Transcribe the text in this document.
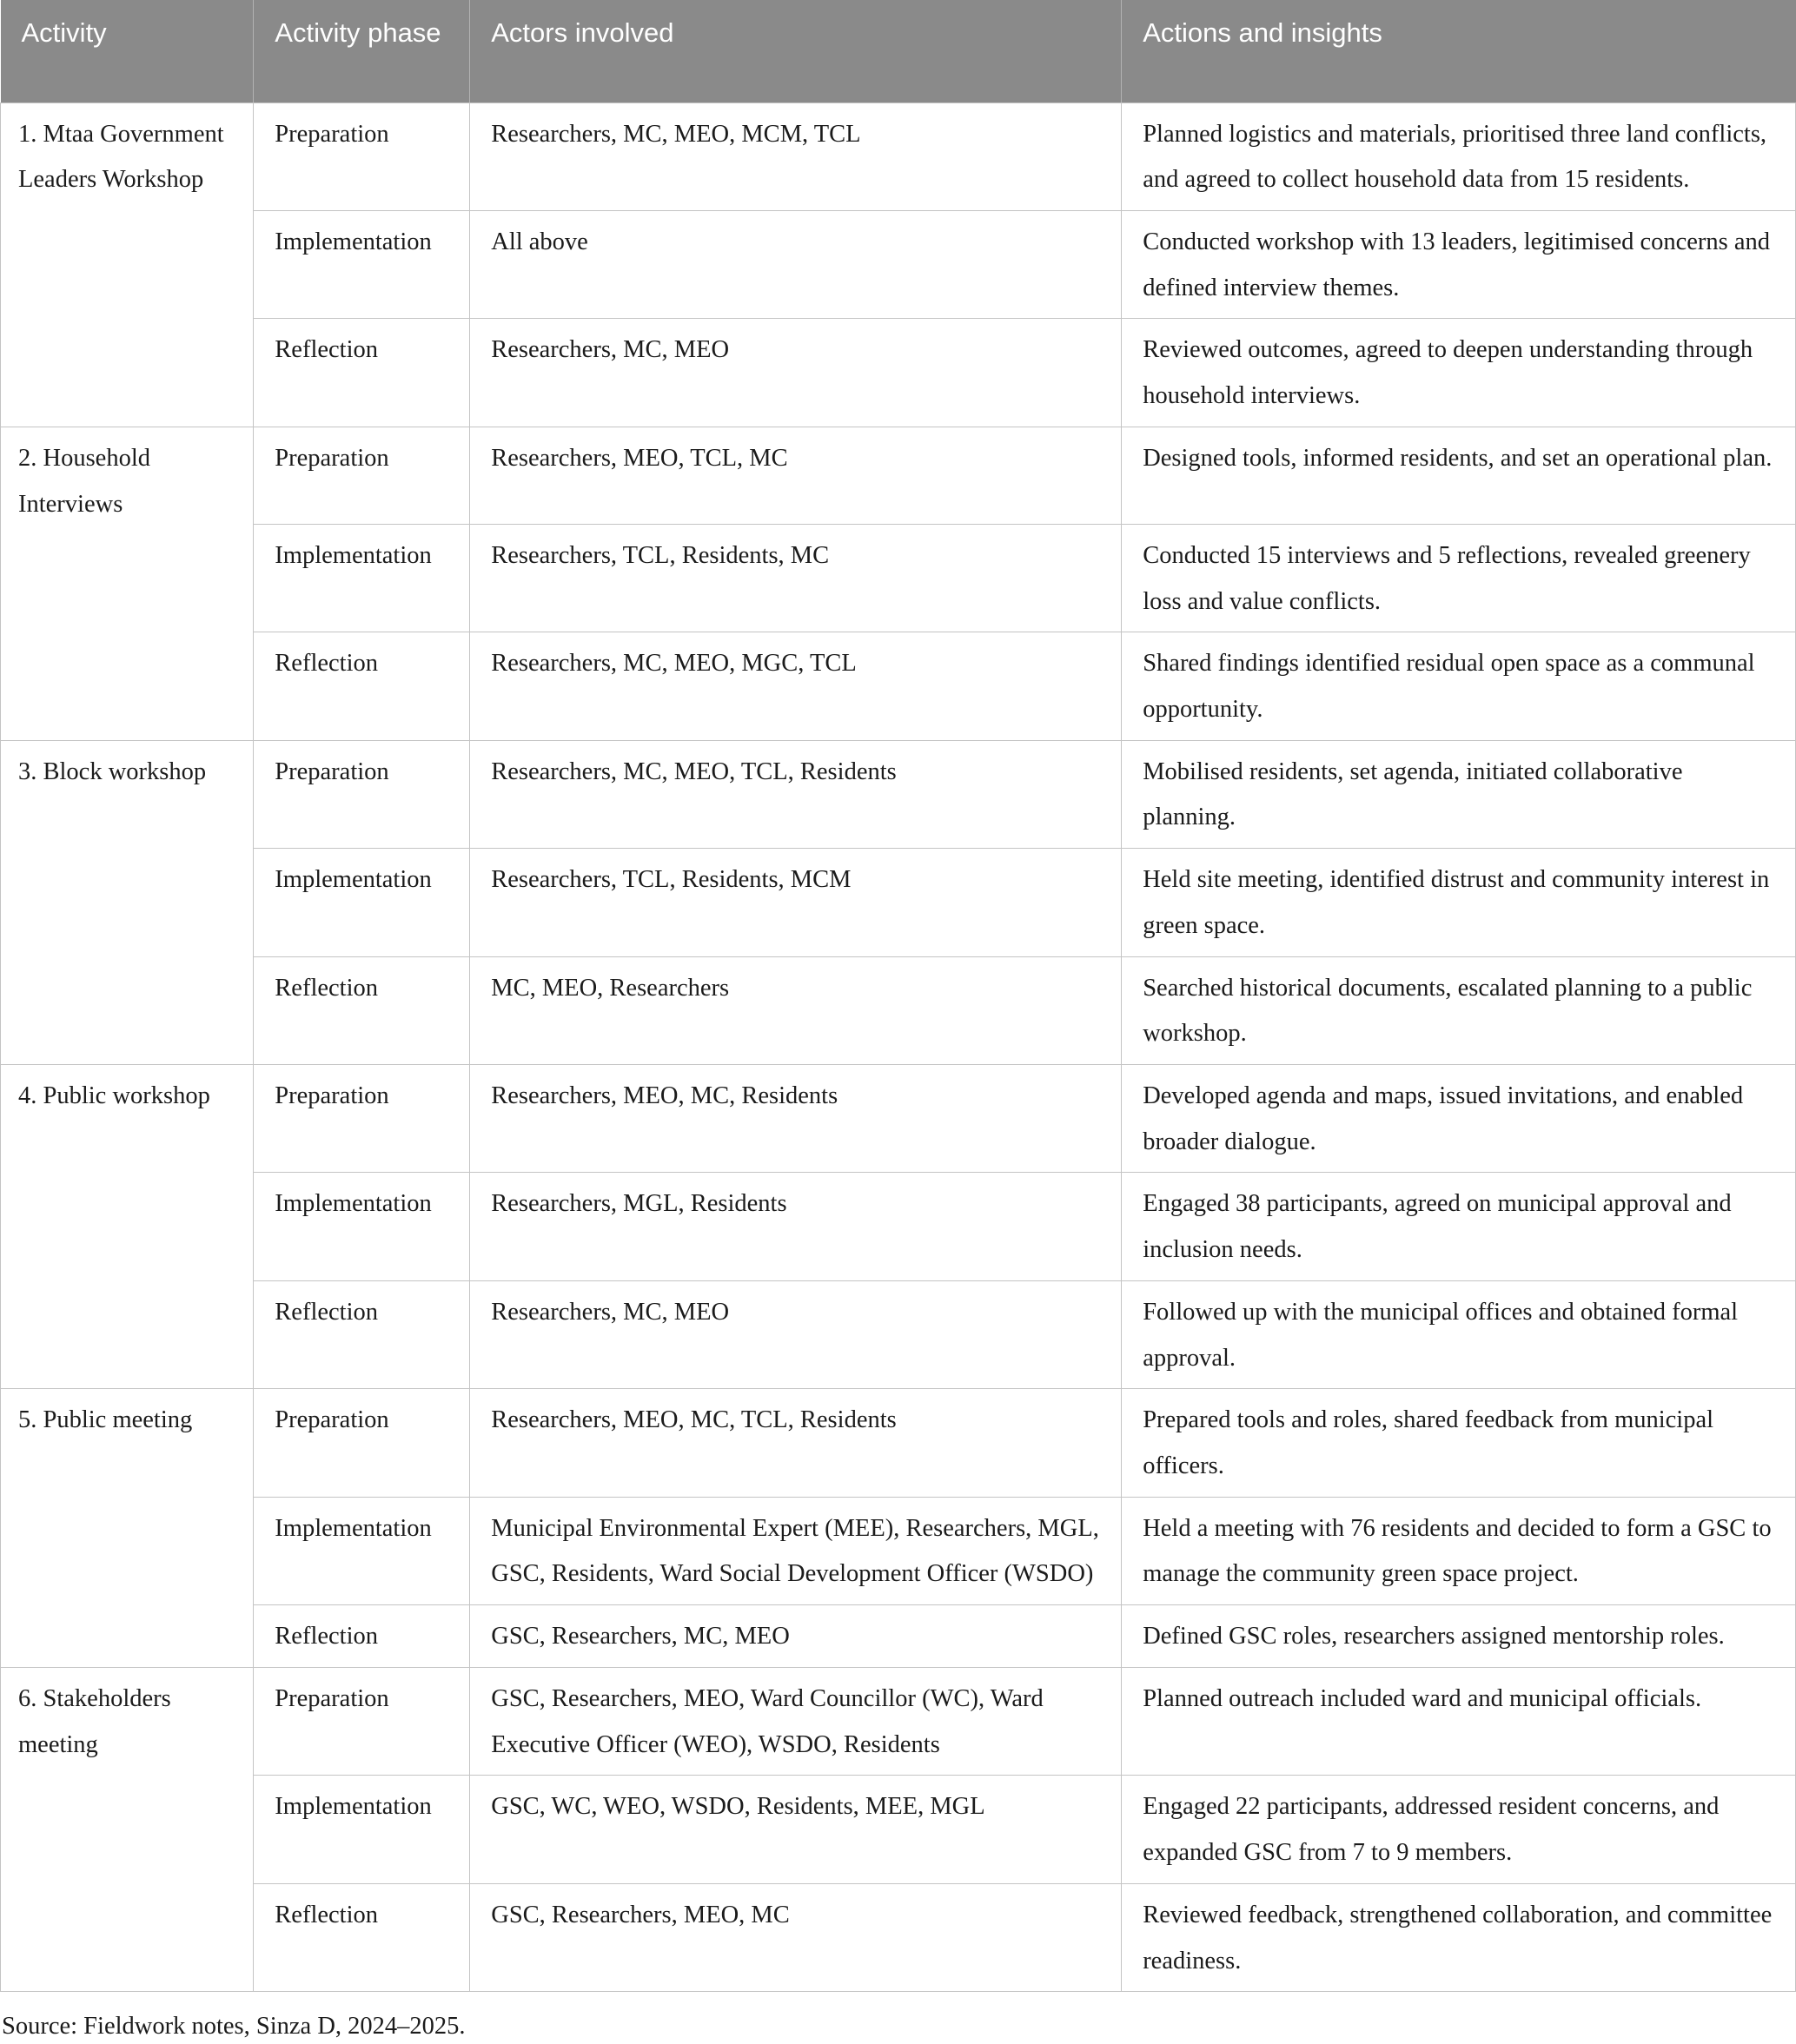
Activity	Activity phase	Actors involved	Actions and insights
1. Mtaa Government Leaders Workshop	Preparation	Researchers, MC, MEO, MCM, TCL	Planned logistics and materials, prioritised three land conflicts, and agreed to collect household data from 15 residents.
	Implementation	All above	Conducted workshop with 13 leaders, legitimised concerns and defined interview themes.
	Reflection	Researchers, MC, MEO	Reviewed outcomes, agreed to deepen understanding through household interviews.
2. Household Interviews	Preparation	Researchers, MEO, TCL, MC	Designed tools, informed residents, and set an operational plan.
	Implementation	Researchers, TCL, Residents, MC	Conducted 15 interviews and 5 reflections, revealed greenery loss and value conflicts.
	Reflection	Researchers, MC, MEO, MGC, TCL	Shared findings identified residual open space as a communal opportunity.
3. Block workshop	Preparation	Researchers, MC, MEO, TCL, Residents	Mobilised residents, set agenda, initiated collaborative planning.
	Implementation	Researchers, TCL, Residents, MCM	Held site meeting, identified distrust and community interest in green space.
	Reflection	MC, MEO, Researchers	Searched historical documents, escalated planning to a public workshop.
4. Public workshop	Preparation	Researchers, MEO, MC, Residents	Developed agenda and maps, issued invitations, and enabled broader dialogue.
	Implementation	Researchers, MGL, Residents	Engaged 38 participants, agreed on municipal approval and inclusion needs.
	Reflection	Researchers, MC, MEO	Followed up with the municipal offices and obtained formal approval.
5. Public meeting	Preparation	Researchers, MEO, MC, TCL, Residents	Prepared tools and roles, shared feedback from municipal officers.
	Implementation	Municipal Environmental Expert (MEE), Researchers, MGL, GSC, Residents, Ward Social Development Officer (WSDO)	Held a meeting with 76 residents and decided to form a GSC to manage the community green space project.
	Reflection	GSC, Researchers, MC, MEO	Defined GSC roles, researchers assigned mentorship roles.
6. Stakeholders meeting	Preparation	GSC, Researchers, MEO, Ward Councillor (WC), Ward Executive Officer (WEO), WSDO, Residents	Planned outreach included ward and municipal officials.
	Implementation	GSC, WC, WEO, WSDO, Residents, MEE, MGL	Engaged 22 participants, addressed resident concerns, and expanded GSC from 7 to 9 members.
	Reflection	GSC, Researchers, MEO, MC	Reviewed feedback, strengthened collaboration, and committee readiness.

Source: Fieldwork notes, Sinza D, 2024–2025.
